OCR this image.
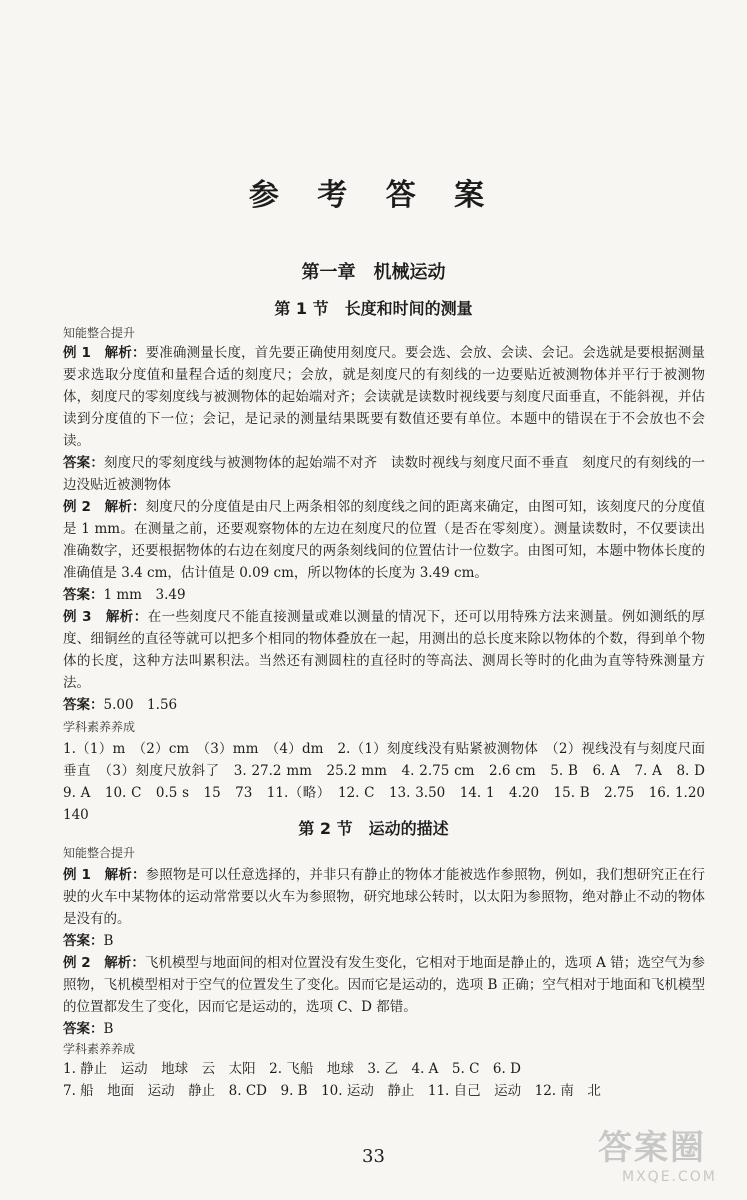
参 考 答 案
第一章　机械运动
第 1 节　长度和时间的测量
知能整合提升
例 1　解析：要准确测量长度，首先要正确使用刻度尺。要会选、会放、会读、会记。会选就是要根据测量要求选取分度值和量程合适的刻度尺；会放，就是刻度尺的有刻线的一边要贴近被测物体并平行于被测物体，刻度尺的零刻度线与被测物体的起始端对齐；会读就是读数时视线要与刻度尺面垂直，不能斜视，并估读到分度值的下一位；会记，是记录的测量结果既要有数值还要有单位。本题中的错误在于不会放也不会读。
答案：刻度尺的零刻度线与被测物体的起始端不对齐　读数时视线与刻度尺面不垂直　刻度尺的有刻线的一边没贴近被测物体
例 2　解析：刻度尺的分度值是由尺上两条相邻的刻度线之间的距离来确定，由图可知，该刻度尺的分度值是 1 mm。在测量之前，还要观察物体的左边在刻度尺的位置（是否在零刻度）。测量读数时，不仅要读出准确数字，还要根据物体的右边在刻度尺的两条刻线间的位置估计一位数字。由图可知，本题中物体长度的准确值是 3.4 cm，估计值是 0.09 cm，所以物体的长度为 3.49 cm。
答案：1 mm　3.49
例 3　解析：在一些刻度尺不能直接测量或难以测量的情况下，还可以用特殊方法来测量。例如测纸的厚度、细铜丝的直径等就可以把多个相同的物体叠放在一起，用测出的总长度来除以物体的个数，得到单个物体的长度，这种方法叫累积法。当然还有测圆柱的直径时的等高法、测周长等时的化曲为直等特殊测量方法。
答案：5.00　1.56
学科素养养成
1.（1）m　（2）cm　（3）mm　（4）dm　2.（1）刻度线没有贴紧被测物体　（2）视线没有与刻度尺面垂直　（3）刻度尺放斜了　3. 27.2 mm　25.2 mm　4. 2.75 cm　2.6 cm　5. B　6. A　7. A　8. D　9. A　10. C　0.5 s　15　73　11.（略）　12. C　13. 3.50　14. 1　4.20　15. B　2.75　16. 1.20　140
第 2 节　运动的描述
知能整合提升
例 1　解析：参照物是可以任意选择的，并非只有静止的物体才能被选作参照物，例如，我们想研究正在行驶的火车中某物体的运动常常要以火车为参照物，研究地球公转时，以太阳为参照物，绝对静止不动的物体是没有的。
答案：B
例 2　解析：飞机模型与地面间的相对位置没有发生变化，它相对于地面是静止的，选项 A 错；选空气为参照物，飞机模型相对于空气的位置发生了变化。因而它是运动的，选项 B 正确；空气相对于地面和飞机模型的位置都发生了变化，因而它是运动的，选项 C、D 都错。
答案：B
学科素养养成
1. 静止　运动　地球　云　太阳　2. 飞船　地球　3. 乙　4. A　5. C　6. D
7. 船　地面　运动　静止　8. CD　9. B　10. 运动　静止　11. 自己　运动　12. 南　北
33	答案圈
MXQE.COM
